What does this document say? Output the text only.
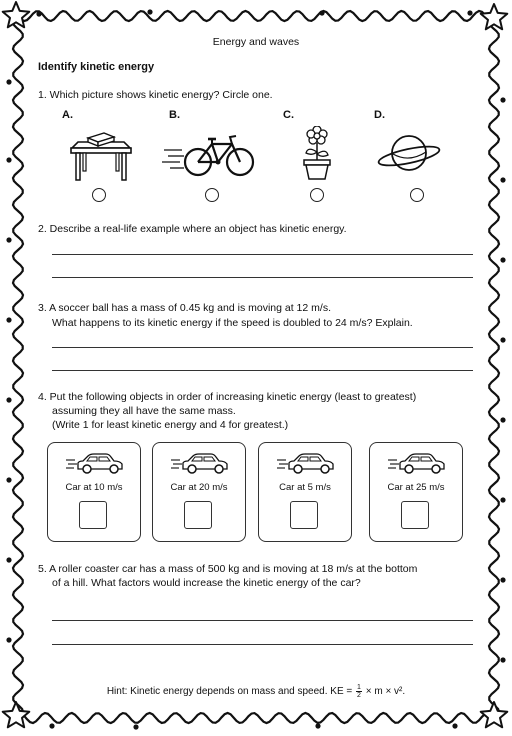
Energy and waves
Identify kinetic energy
1. Which picture shows kinetic energy? Circle one.
A.	B.	C.	D.
2. Describe a real-life example where an object has kinetic energy.
3. A soccer ball has a mass of 0.45 kg and is moving at 12 m/s.
What happens to its kinetic energy if the speed is doubled to 24 m/s? Explain.
4. Put the following objects in order of increasing kinetic energy (least to greatest)
assuming they all have the same mass.
(Write 1 for least kinetic energy and 4 for greatest.)
Car at 10 m/s	Car at 20 m/s	Car at 5 m/s	Car at 25 m/s
5. A roller coaster car has a mass of 500 kg and is moving at 18 m/s at the bottom
of a hill. What factors would increase the kinetic energy of the car?
Hint: Kinetic energy depends on mass and speed. KE = $\frac{1}{2} \times m \times v^2$.
